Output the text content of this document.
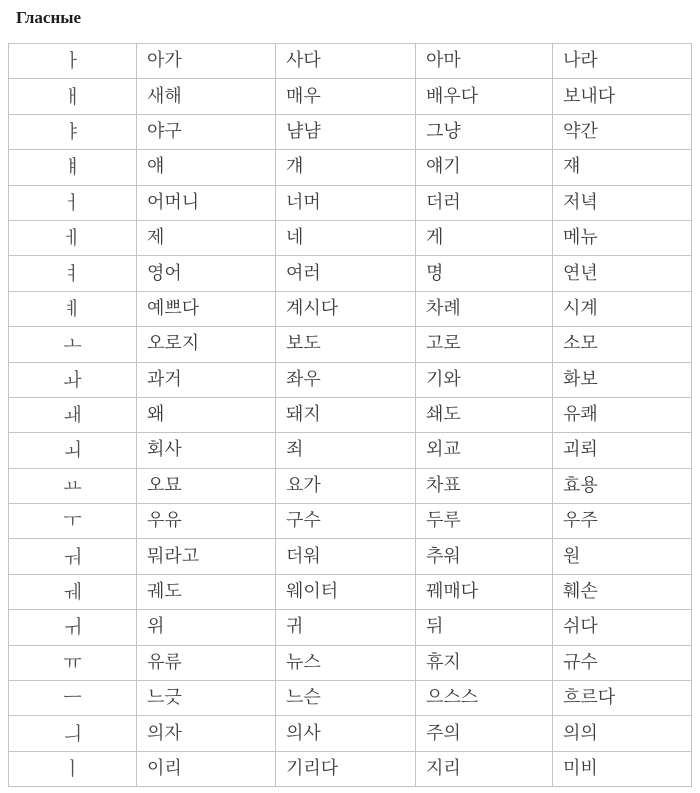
Гласные
ㅏ	아가	사다	아마	나라
ㅐ	새해	매우	배우다	보내다
ㅑ	야구	냠냠	그냥	약간
ㅒ	얘	걔	얘기	쟤
ㅓ	어머니	너머	더러	저녁
ㅔ	제	네	게	메뉴
ㅕ	영어	여러	명	연년
ㅖ	예쁘다	계시다	차례	시계
ㅗ	오로지	보도	고로	소모
ㅘ	과거	좌우	기와	화보
ㅙ	왜	돼지	쇄도	유쾌
ㅚ	회사	죄	외교	괴뢰
ㅛ	오묘	요가	차표	효용
ㅜ	우유	구수	두루	우주
ㅝ	뭐라고	더워	추워	원
ㅞ	궤도	웨이터	꿰매다	훼손
ㅟ	위	귀	뒤	쉬다
ㅠ	유류	뉴스	휴지	규수
ㅡ	느긋	느슨	으스스	흐르다
ㅢ	의자	의사	주의	의의
ㅣ	이리	기리다	지리	미비
